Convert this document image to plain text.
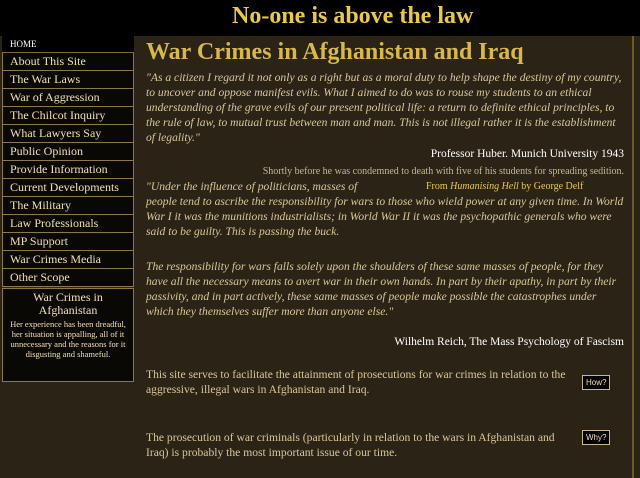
No-one is above the law
HOME
About This Site
The War Laws
War of Aggression
The Chilcot Inquiry
What Lawyers Say
Public Opinion
Provide Information
Current Developments
The Military
Law Professionals
MP Support
War Crimes Media
Other Scope
War Crimes in Afghanistan
Her experience has been dreadful, her situation is appalling, all of it unnecessary and the reasons for it disgusting and shameful.
War Crimes in Afghanistan and Iraq

"As a citizen I regard it not only as a right but as a moral duty to help shape the destiny of my country, to uncover and oppose manifest evils. What I aimed to do was to rouse my students to an ethical understanding of the grave evils of our present political life: a return to definite ethical principles, to the rule of law, to mutual trust between man and man. This is not illegal rather it is the establishment of legality."

Professor Huber. Munich University 1943
Shortly before he was condemned to death with five of his students for spreading sedition.

"Under the influence of politicians, masses of	From Humanising Hell by George Delf

people tend to ascribe the responsibility for wars to those who wield power at any given time. In World War I it was the munitions industrialists; in World War II it was the psychopathic generals who were said to be guilty. This is passing the buck.

The responsibility for wars falls solely upon the shoulders of these same masses of people, for they have all the necessary means to avert war in their own hands. In part by their apathy, in part by their passivity, and in part actively, these same masses of people make possible the catastrophes under which they themselves suffer more than anyone else."

Wilhelm Reich, The Mass Psychology of Fascism

This site serves to facilitate the attainment of prosecutions for war crimes in relation to the aggressive, illegal wars in Afghanistan and Iraq.

How?

The prosecution of war criminals (particularly in relation to the wars in Afghanistan and Iraq) is probably the most important issue of our time.

Why?
